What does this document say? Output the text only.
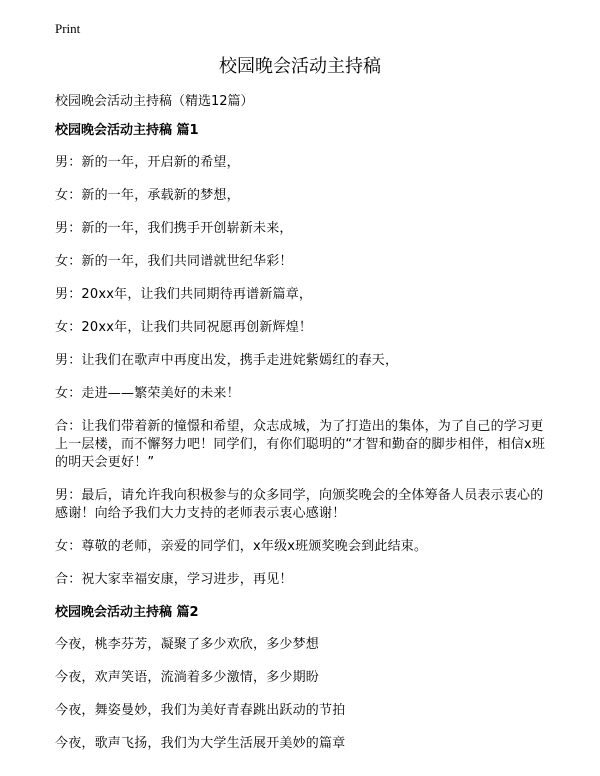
Print
校园晚会活动主持稿

校园晚会活动主持稿（精选12篇）

校园晚会活动主持稿 篇1

男：新的一年，开启新的希望，

女：新的一年，承载新的梦想，

男：新的一年，我们携手开创崭新未来，

女：新的一年，我们共同谱就世纪华彩！

男：20xx年，让我们共同期待再谱新篇章，

女：20xx年，让我们共同祝愿再创新辉煌！

男：让我们在歌声中再度出发，携手走进姹紫嫣红的春天，

女：走进——繁荣美好的未来！

合：让我们带着新的憧憬和希望，众志成城，为了打造出的集体，为了自己的学习更上一层楼，而不懈努力吧！同学们，有你们聪明的“才智和勤奋的脚步相伴，相信x班的明天会更好！”

男：最后，请允许我向积极参与的众多同学，向颁奖晚会的全体筹备人员表示衷心的感谢！向给予我们大力支持的老师表示衷心感谢！

女：尊敬的老师，亲爱的同学们，x年级x班颁奖晚会到此结束。

合：祝大家幸福安康，学习进步，再见！

校园晚会活动主持稿 篇2

今夜，桃李芬芳，凝聚了多少欢欣，多少梦想

今夜，欢声笑语，流淌着多少激情，多少期盼

今夜，舞姿曼妙，我们为美好青春跳出跃动的节拍

今夜，歌声飞扬，我们为大学生活展开美妙的篇章
